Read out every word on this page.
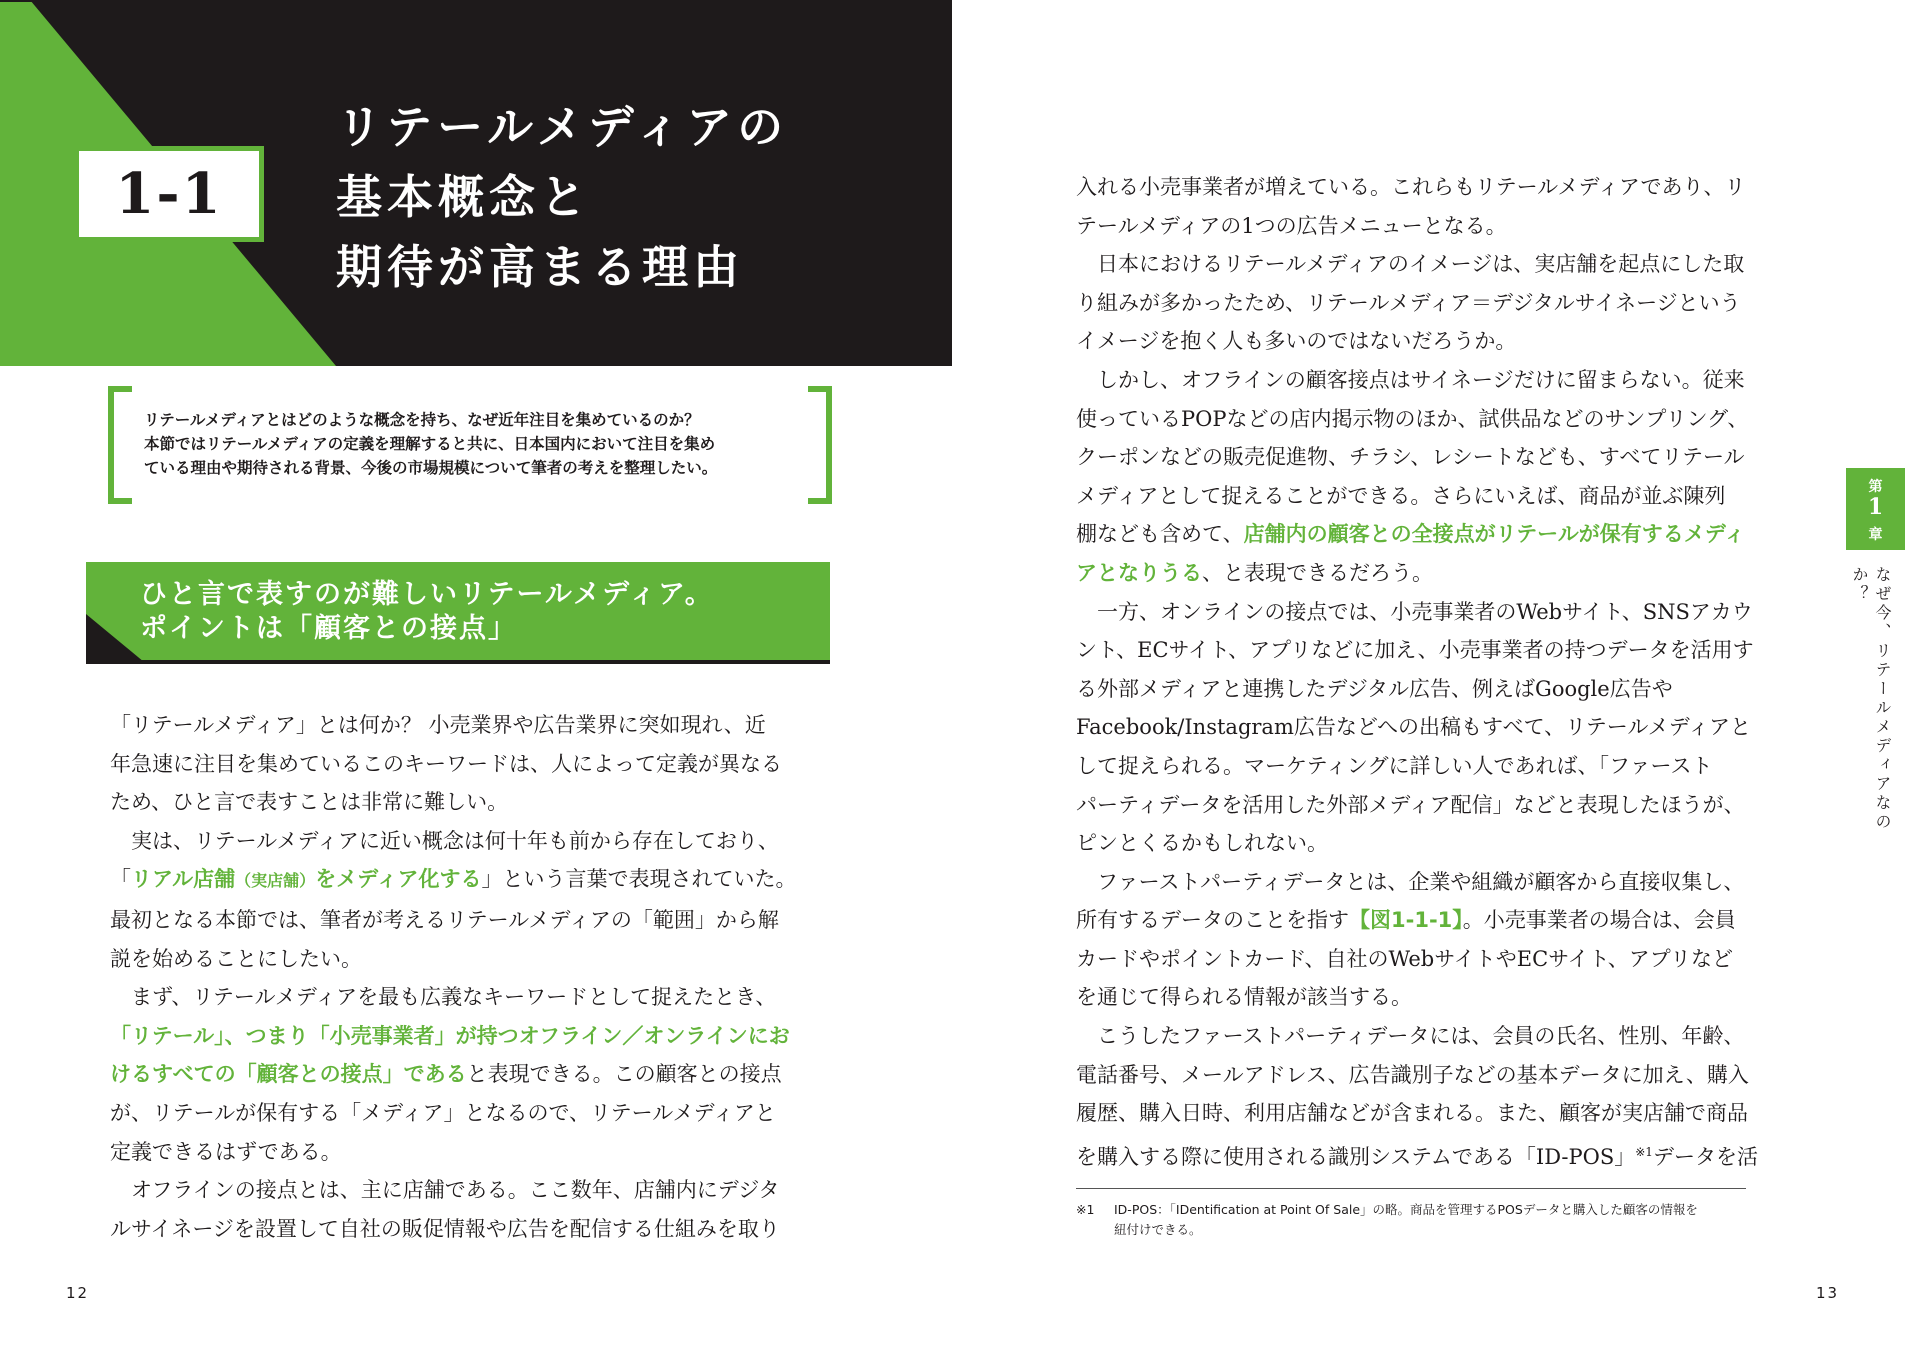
1-1
リテールメディアの
基本概念と
期待が高まる理由
リテールメディアとはどのような概念を持ち、なぜ近年注目を集めているのか？
本節ではリテールメディアの定義を理解すると共に、日本国内において注目を集め
ている理由や期待される背景、今後の市場規模について筆者の考えを整理したい。
ひと言で表すのが難しいリテールメディア。
ポイントは「顧客との接点」
「リテールメディア」とは何か？ 小売業界や広告業界に突如現れ、近
年急速に注目を集めているこのキーワードは、人によって定義が異なる
ため、ひと言で表すことは非常に難しい。
　実は、リテールメディアに近い概念は何十年も前から存在しており、
「リアル店舗（実店舗）をメディア化する」という言葉で表現されていた。
最初となる本節では、筆者が考えるリテールメディアの「範囲」から解
説を始めることにしたい。
　まず、リテールメディアを最も広義なキーワードとして捉えたとき、
「リテール」、つまり「小売事業者」が持つオフライン／オンラインにお
けるすべての「顧客との接点」であると表現できる。この顧客との接点
が、リテールが保有する「メディア」となるので、リテールメディアと
定義できるはずである。
　オフラインの接点とは、主に店舗である。ここ数年、店舗内にデジタ
ルサイネージを設置して自社の販促情報や広告を配信する仕組みを取り
12
入れる小売事業者が増えている。これらもリテールメディアであり、リ
テールメディアの1つの広告メニューとなる。
　日本におけるリテールメディアのイメージは、実店舗を起点にした取
り組みが多かったため、リテールメディア＝デジタルサイネージという
イメージを抱く人も多いのではないだろうか。
　しかし、オフラインの顧客接点はサイネージだけに留まらない。従来
使っているPOPなどの店内掲示物のほか、試供品などのサンプリング、
クーポンなどの販売促進物、チラシ、レシートなども、すべてリテール
メディアとして捉えることができる。さらにいえば、商品が並ぶ陳列
棚なども含めて、店舗内の顧客との全接点がリテールが保有するメディ
アとなりうる、と表現できるだろう。
　一方、オンラインの接点では、小売事業者のWebサイト、SNSアカウ
ント、ECサイト、アプリなどに加え、小売事業者の持つデータを活用す
る外部メディアと連携したデジタル広告、例えばGoogle広告や
Facebook/Instagram広告などへの出稿もすべて、リテールメディアと
して捉えられる。マーケティングに詳しい人であれば、「ファースト
パーティデータを活用した外部メディア配信」などと表現したほうが、
ピンとくるかもしれない。
　ファーストパーティデータとは、企業や組織が顧客から直接収集し、
所有するデータのことを指す【図1-1-1】。小売事業者の場合は、会員
カードやポイントカード、自社のWebサイトやECサイト、アプリなど
を通じて得られる情報が該当する。
　こうしたファーストパーティデータには、会員の氏名、性別、年齢、
電話番号、メールアドレス、広告識別子などの基本データに加え、購入
履歴、購入日時、利用店舗などが含まれる。また、顧客が実店舗で商品
を購入する際に使用される識別システムである「ID-POS」$^{※1}$データを活
※1 ID-POS：「IDentification at Point Of Sale」の略。商品を管理するPOSデータと購入した顧客の情報を
紐付けできる。
第
1
章
なぜ今、リテールメディアなのか？
13
